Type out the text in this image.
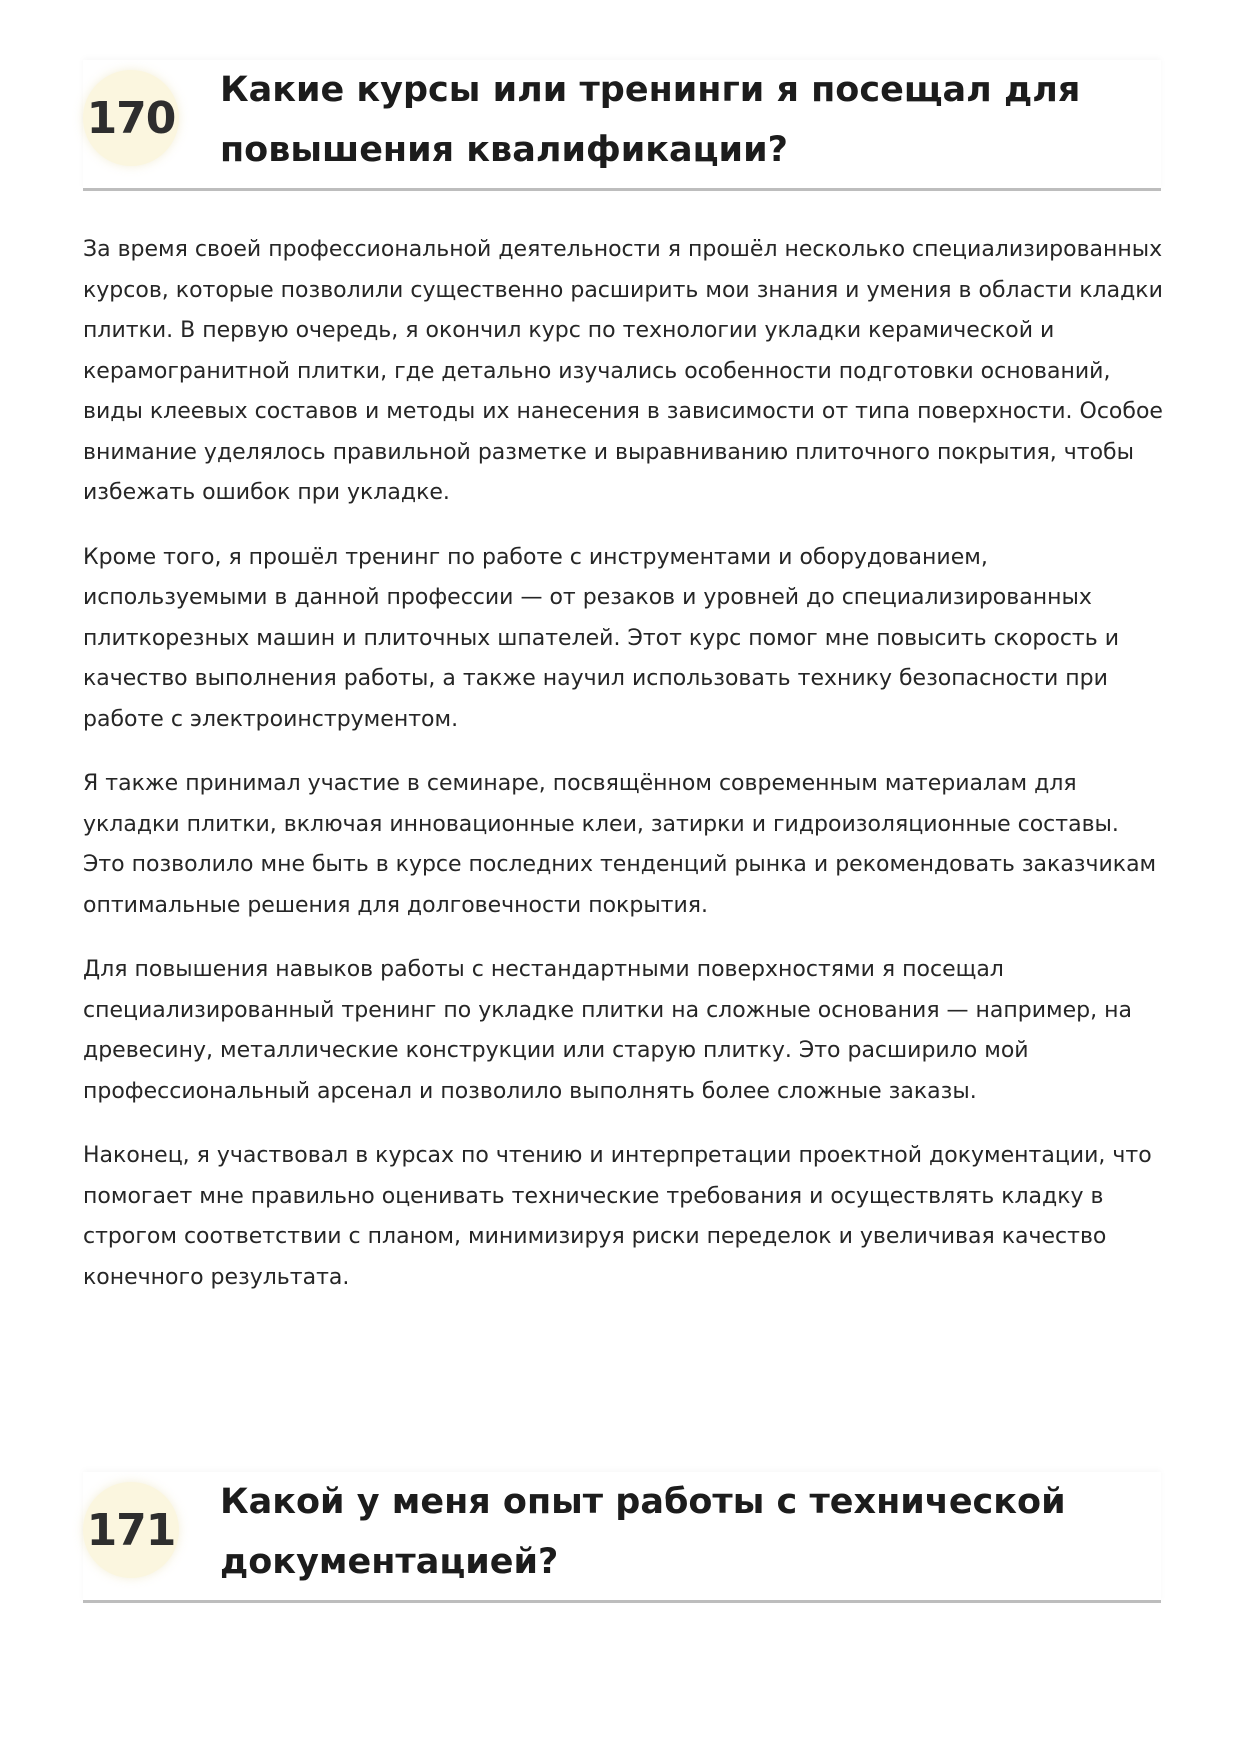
170
Какие курсы или тренинги я посещал для повышения квалификации?

За время своей профессиональной деятельности я прошёл несколько специализированных курсов, которые позволили существенно расширить мои знания и умения в области кладки плитки. В первую очередь, я окончил курс по технологии укладки керамической и керамогранитной плитки, где детально изучались особенности подготовки оснований, виды клеевых составов и методы их нанесения в зависимости от типа поверхности. Особое внимание уделялось правильной разметке и выравниванию плиточного покрытия, чтобы избежать ошибок при укладке.

Кроме того, я прошёл тренинг по работе с инструментами и оборудованием, используемыми в данной профессии — от резаков и уровней до специализированных плиткорезных машин и плиточных шпателей. Этот курс помог мне повысить скорость и качество выполнения работы, а также научил использовать технику безопасности при работе с электроинструментом.

Я также принимал участие в семинаре, посвящённом современным материалам для укладки плитки, включая инновационные клеи, затирки и гидроизоляционные составы. Это позволило мне быть в курсе последних тенденций рынка и рекомендовать заказчикам оптимальные решения для долговечности покрытия.

Для повышения навыков работы с нестандартными поверхностями я посещал специализированный тренинг по укладке плитки на сложные основания — например, на древесину, металлические конструкции или старую плитку. Это расширило мой профессиональный арсенал и позволило выполнять более сложные заказы.

Наконец, я участвовал в курсах по чтению и интерпретации проектной документации, что помогает мне правильно оценивать технические требования и осуществлять кладку в строгом соответствии с планом, минимизируя риски переделок и увеличивая качество конечного результата.

171
Какой у меня опыт работы с технической документацией?
